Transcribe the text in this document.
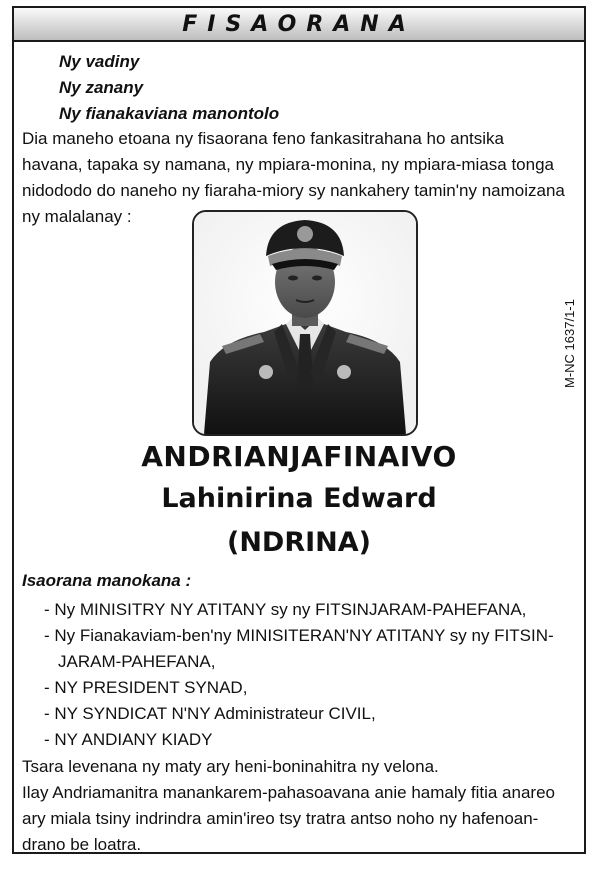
FISAORANA
Ny vadiny
Ny zanany
Ny fianakaviana manontolo

Dia maneho etoana ny fisaorana feno fankasitrahana ho antsika

havana, tapaka sy namana, ny mpiara-monina, ny mpiara-miasa tonga

nidododo do naneho ny fiaraha-miory sy nankahery tamin'ny namoizana

ny malalanay :

M-NC 1637/1-1
ANDRIANJAFINAIVO
Lahinirina Edward
(NDRINA)
Isaorana manokana :
- Ny MINISITRY NY ATITANY sy ny FITSINJARAM-PAHEFANA,
- Ny Fianakaviam-ben'ny MINISITERAN'NY ATITANY sy ny FITSIN-
JARAM-PAHEFANA,
- NY PRESIDENT SYNAD,
- NY SYNDICAT N'NY Administrateur CIVIL,
- NY ANDIANY KIADY

Tsara levenana ny maty ary heni-boninahitra ny velona.

Ilay Andriamanitra manankarem-pahasoavana anie hamaly fitia anareo

ary miala tsiny indrindra amin'ireo tsy tratra antso noho ny hafenoan-

drano be loatra.
